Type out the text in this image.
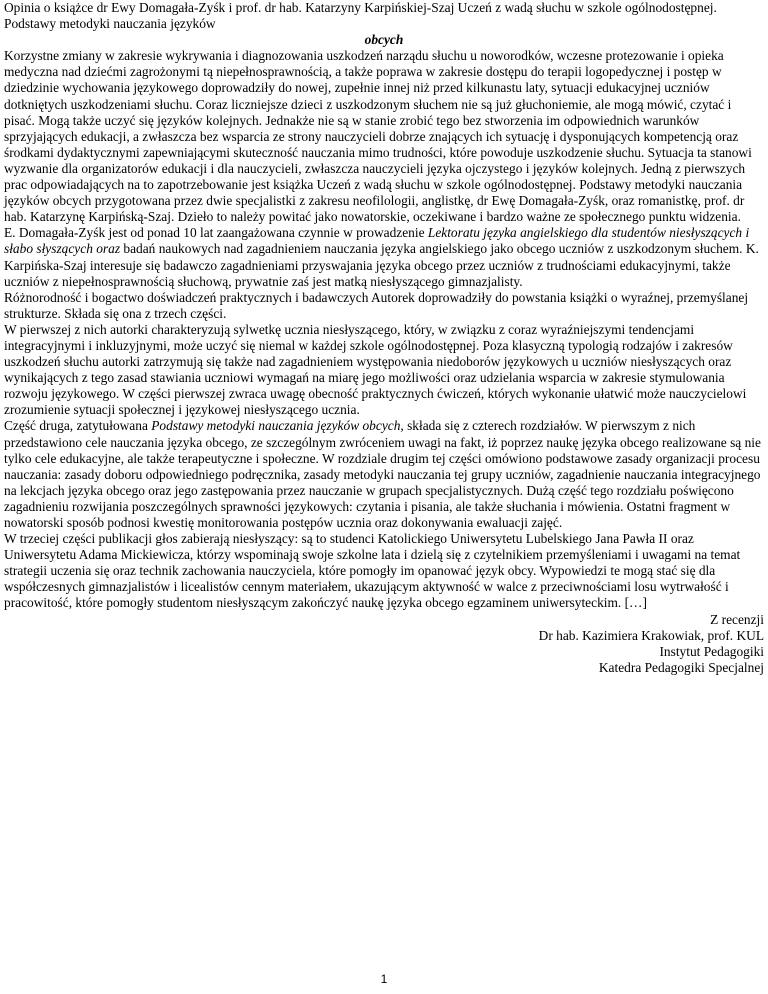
Opinia o książce dr Ewy Domagała-Zyśk i prof. dr hab. Katarzyny Karpińskiej-Szaj Uczeń z wadą słuchu w szkole ogólnodostępnej. Podstawy metodyki nauczania języków

obcych

Korzystne zmiany w zakresie wykrywania i diagnozowania uszkodzeń narządu słuchu u noworodków, wczesne protezowanie i opieka medyczna nad dziećmi zagrożonymi tą niepełnosprawnością, a także poprawa w zakresie dostępu do terapii logopedycznej i postęp w dziedzinie wychowania językowego doprowadziły do nowej, zupełnie innej niż przed kilkunastu laty, sytuacji edukacyjnej uczniów dotkniętych uszkodzeniami słuchu. Coraz liczniejsze dzieci z uszkodzonym słuchem nie są już głuchoniemie, ale mogą mówić, czytać i pisać. Mogą także uczyć się języków kolejnych. Jednakże nie są w stanie zrobić tego bez stworzenia im odpowiednich warunków sprzyjających edukacji, a zwłaszcza bez wsparcia ze strony nauczycieli dobrze znających ich sytuację i dysponujących kompetencją oraz środkami dydaktycznymi zapewniającymi skuteczność nauczania mimo trudności, które powoduje uszkodzenie słuchu. Sytuacja ta stanowi wyzwanie dla organizatorów edukacji i dla nauczycieli, zwłaszcza nauczycieli języka ojczystego i języków kolejnych. Jedną z pierwszych prac odpowiadających na to zapotrzebowanie jest książka Uczeń z wadą słuchu w szkole ogólnodostępnej. Podstawy metodyki nauczania języków obcych przygotowana przez dwie specjalistki z zakresu neofilologii, anglistkę, dr Ewę Domagała-Zyśk, oraz romanistkę, prof. dr hab. Katarzynę Karpińską-Szaj. Dzieło to należy powitać jako nowatorskie, oczekiwane i bardzo ważne ze społecznego punktu widzenia.

E. Domagała-Zyśk jest od ponad 10 lat zaangażowana czynnie w prowadzenie Lektoratu języka angielskiego dla studentów niesłyszących i słabo słyszących oraz badań naukowych nad zagadnieniem nauczania języka angielskiego jako obcego uczniów z uszkodzonym słuchem. K. Karpińska-Szaj interesuje się badawczo zagadnieniami przyswajania języka obcego przez uczniów z trudnościami edukacyjnymi, także uczniów z niepełnosprawnością słuchową, prywatnie zaś jest matką niesłyszącego gimnazjalisty.

Różnorodność i bogactwo doświadczeń praktycznych i badawczych Autorek doprowadziły do powstania książki o wyraźnej, przemyślanej strukturze. Składa się ona z trzech części.

W pierwszej z nich autorki charakteryzują sylwetkę ucznia niesłyszącego, który, w związku z coraz wyraźniejszymi tendencjami integracyjnymi i inkluzyjnymi, może uczyć się niemal w każdej szkole ogólnodostępnej. Poza klasyczną typologią rodzajów i zakresów uszkodzeń słuchu autorki zatrzymują się także nad zagadnieniem występowania niedoborów językowych u uczniów niesłyszących oraz wynikających z tego zasad stawiania uczniowi wymagań na miarę jego możliwości oraz udzielania wsparcia w zakresie stymulowania rozwoju językowego. W części pierwszej zwraca uwagę obecność praktycznych ćwiczeń, których wykonanie ułatwić może nauczycielowi zrozumienie sytuacji społecznej i językowej niesłyszącego ucznia.

Część druga, zatytułowana Podstawy metodyki nauczania języków obcych, składa się z czterech rozdziałów. W pierwszym z nich przedstawiono cele nauczania języka obcego, ze szczególnym zwróceniem uwagi na fakt, iż poprzez naukę języka obcego realizowane są nie tylko cele edukacyjne, ale także terapeutyczne i społeczne. W rozdziale drugim tej części omówiono podstawowe zasady organizacji procesu nauczania: zasady doboru odpowiedniego podręcznika, zasady metodyki nauczania tej grupy uczniów, zagadnienie nauczania integracyjnego na lekcjach języka obcego oraz jego zastępowania przez nauczanie w grupach specjalistycznych. Dużą część tego rozdziału poświęcono zagadnieniu rozwijania poszczególnych sprawności językowych: czytania i pisania, ale także słuchania i mówienia. Ostatni fragment w nowatorski sposób podnosi kwestię monitorowania postępów ucznia oraz dokonywania ewaluacji zajęć.

W trzeciej części publikacji głos zabierają niesłyszący: są to studenci Katolickiego Uniwersytetu Lubelskiego Jana Pawła II oraz Uniwersytetu Adama Mickiewicza, którzy wspominają swoje szkolne lata i dzielą się z czytelnikiem przemyśleniami i uwagami na temat strategii uczenia się oraz technik zachowania nauczyciela, które pomogły im opanować język obcy. Wypowiedzi te mogą stać się dla współczesnych gimnazjalistów i licealistów cennym materiałem, ukazującym aktywność w walce z przeciwnościami losu wytrwałość i pracowitość, które pomogły studentom niesłyszącym zakończyć naukę języka obcego egzaminem uniwersyteckim. […]

Z recenzji

Dr hab. Kazimiera Krakowiak, prof. KUL

Instytut Pedagogiki

Katedra Pedagogiki Specjalnej

1
